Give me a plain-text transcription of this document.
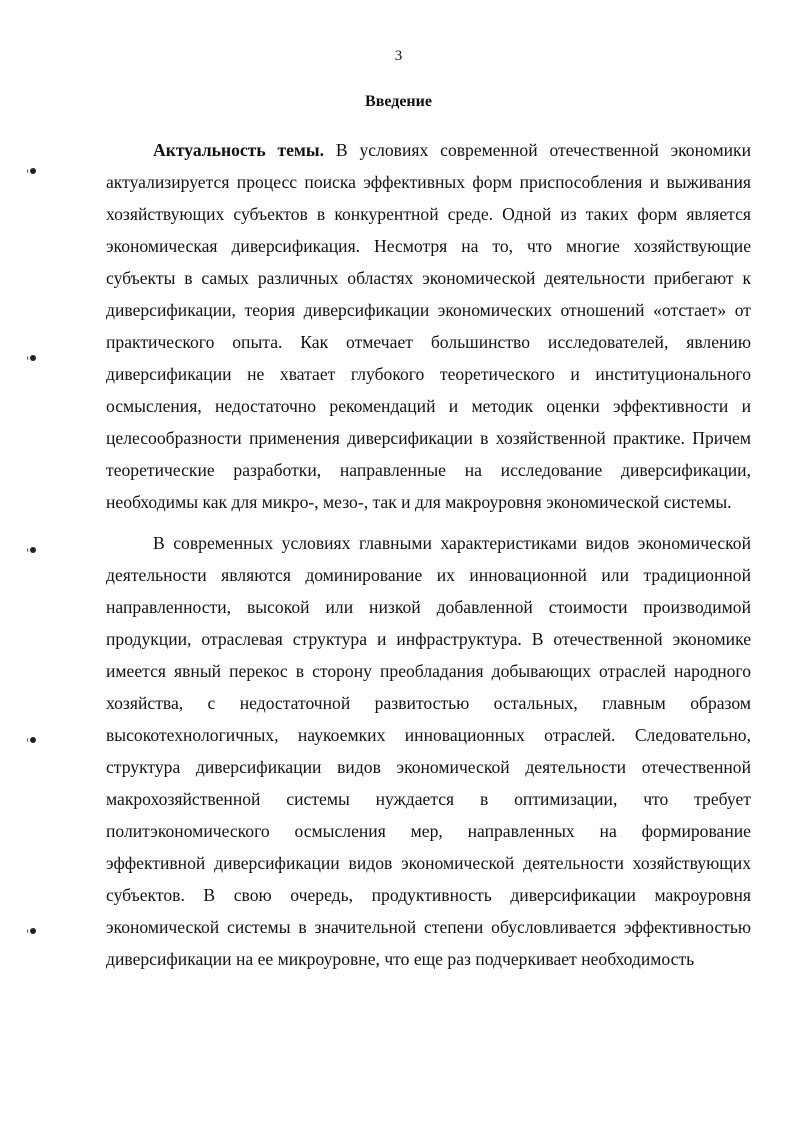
3
Введение

Актуальность темы. В условиях современной отечественной экономики актуализируется процесс поиска эффективных форм приспособления и выживания хозяйствующих субъектов в конкурентной среде. Одной из таких форм является экономическая диверсификация. Несмотря на то, что многие хозяйствующие субъекты в самых различных областях экономической деятельности прибегают к диверсификации, теория диверсификации экономических отношений «отстает» от практического опыта. Как отмечает большинство исследователей, явлению диверсификации не хватает глубокого теоретического и институционального осмысления, недостаточно рекомендаций и методик оценки эффективности и целесообразности применения диверсификации в хозяйственной практике. Причем теоретические разработки, направленные на исследование диверсификации, необходимы как для микро-, мезо-, так и для макроуровня экономической системы.

В современных условиях главными характеристиками видов экономической деятельности являются доминирование их инновационной или традиционной направленности, высокой или низкой добавленной стоимости производимой продукции, отраслевая структура и инфраструктура. В отечественной экономике имеется явный перекос в сторону преобладания добывающих отраслей народного хозяйства, с недостаточной развитостью остальных, главным образом высокотехнологичных, наукоемких инновационных отраслей. Следовательно, структура диверсификации видов экономической деятельности отечественной макрохозяйственной системы нуждается в оптимизации, что требует политэкономического осмысления мер, направленных на формирование эффективной диверсификации видов экономической деятельности хозяйствующих субъектов. В свою очередь, продуктивность диверсификации макроуровня экономической системы в значительной степени обусловливается эффективностью диверсификации на ее микроуровне, что еще раз подчеркивает необходимость
